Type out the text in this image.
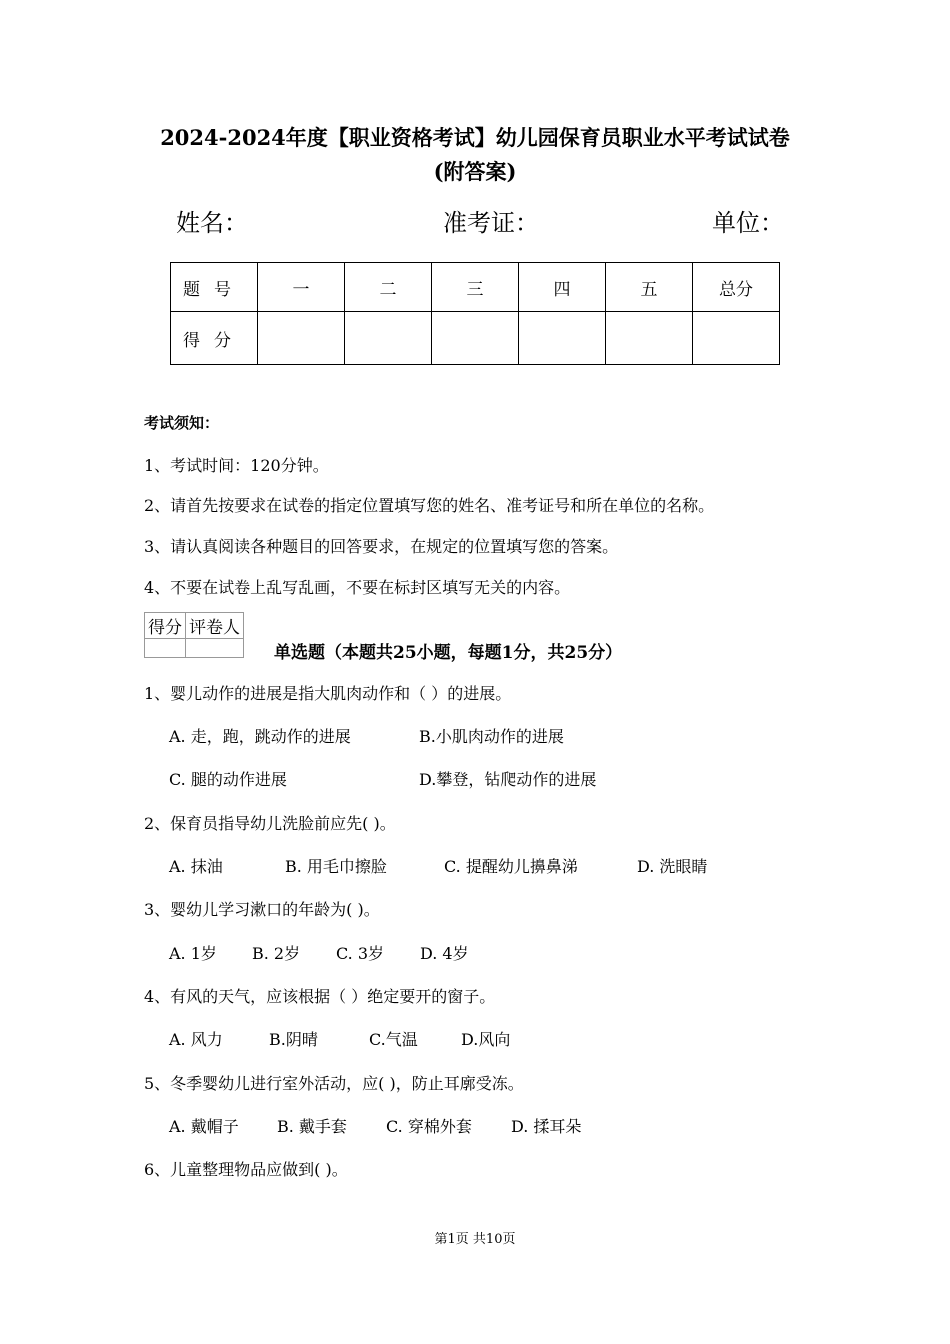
2024-2024年度【职业资格考试】幼儿园保育员职业水平考试试卷
(附答案)
姓名：	准考证：	单位：
题号	一	二	三	四	五	总分
得分						
考试须知：
1、考试时间：120分钟。
2、请首先按要求在试卷的指定位置填写您的姓名、准考证号和所在单位的名称。
3、请认真阅读各种题目的回答要求，在规定的位置填写您的答案。
4、不要在试卷上乱写乱画，不要在标封区填写无关的内容。
得分	评卷人

单选题（本题共25小题，每题1分，共25分）
1、婴儿动作的进展是指大肌肉动作和（ ）的进展。
A. 走，跑，跳动作的进展	B.小肌肉动作的进展
C. 腿的动作进展	D.攀登，钻爬动作的进展
2、保育员指导幼儿洗脸前应先( )。
A. 抹油	B. 用毛巾擦脸	C. 提醒幼儿擤鼻涕	D. 洗眼睛
3、婴幼儿学习漱口的年龄为( )。
A. 1岁 B. 2岁 C. 3岁 D. 4岁
4、有风的天气，应该根据（ ）绝定要开的窗子。
A. 风力	B.阴晴	C.气温	D.风向
5、冬季婴幼儿进行室外活动，应( )，防止耳廓受冻。
A. 戴帽子 B. 戴手套 C. 穿棉外套 D. 揉耳朵
6、儿童整理物品应做到( )。
第1页 共10页
